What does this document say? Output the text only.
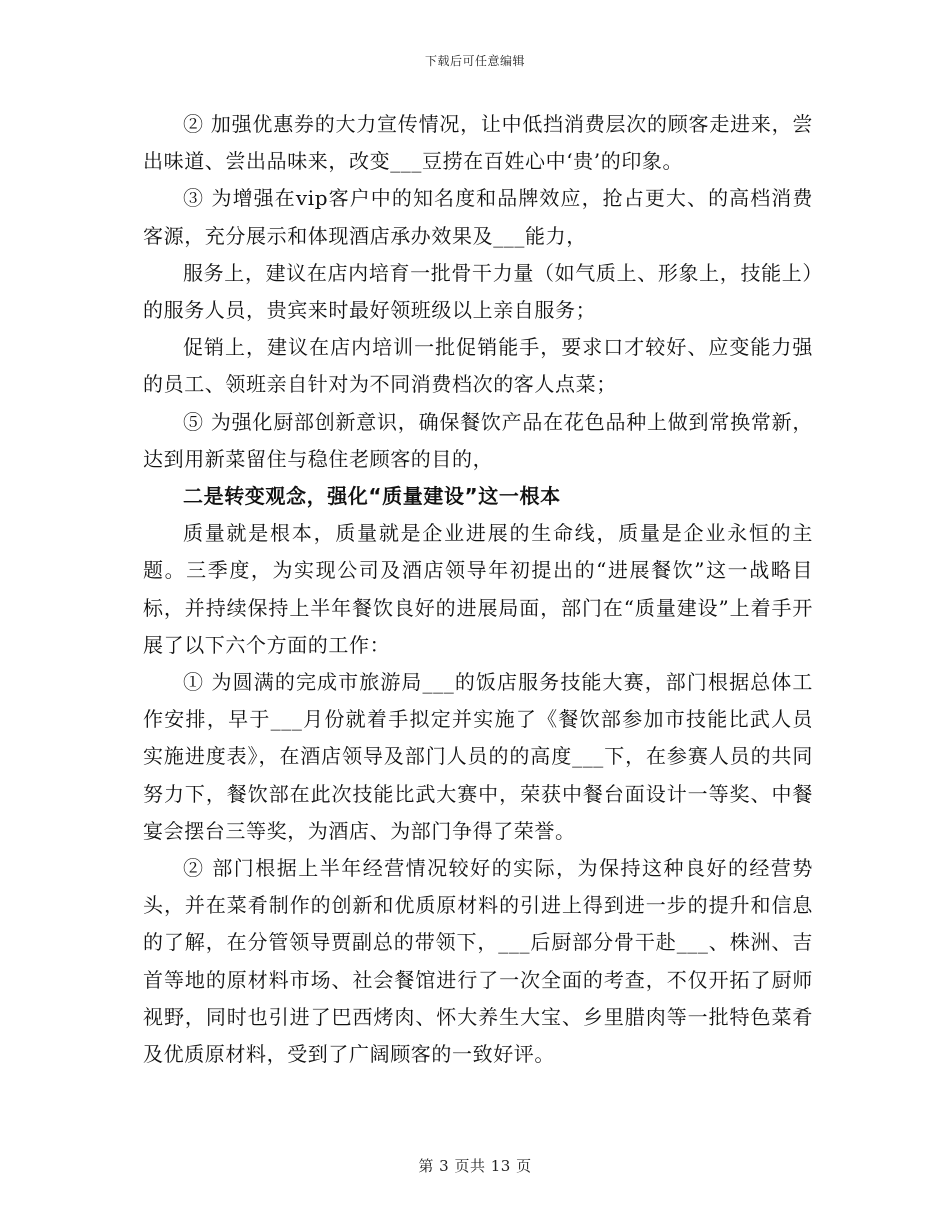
下载后可任意编辑

② 加强优惠券的大力宣传情况，让中低挡消费层次的顾客走进来，尝出味道、尝出品味来，改变___豆捞在百姓心中‘贵’的印象。

③ 为增强在vip客户中的知名度和品牌效应，抢占更大、的高档消费客源，充分展示和体现酒店承办效果及___能力，

服务上，建议在店内培育一批骨干力量（如气质上、形象上，技能上）的服务人员，贵宾来时最好领班级以上亲自服务；

促销上，建议在店内培训一批促销能手，要求口才较好、应变能力强的员工、领班亲自针对为不同消费档次的客人点菜；

⑤ 为强化厨部创新意识，确保餐饮产品在花色品种上做到常换常新，达到用新菜留住与稳住老顾客的目的，

二是转变观念，强化“质量建设”这一根本

质量就是根本，质量就是企业进展的生命线，质量是企业永恒的主题。三季度，为实现公司及酒店领导年初提出的“进展餐饮”这一战略目标，并持续保持上半年餐饮良好的进展局面，部门在“质量建设”上着手开展了以下六个方面的工作：

① 为圆满的完成市旅游局___的饭店服务技能大赛，部门根据总体工作安排，早于___月份就着手拟定并实施了《餐饮部参加市技能比武人员实施进度表》，在酒店领导及部门人员的的高度___下，在参赛人员的共同努力下，餐饮部在此次技能比武大赛中，荣获中餐台面设计一等奖、中餐宴会摆台三等奖，为酒店、为部门争得了荣誉。

② 部门根据上半年经营情况较好的实际，为保持这种良好的经营势头，并在菜肴制作的创新和优质原材料的引进上得到进一步的提升和信息的了解，在分管领导贾副总的带领下，___后厨部分骨干赴___、株洲、吉首等地的原材料市场、社会餐馆进行了一次全面的考查，不仅开拓了厨师视野，同时也引进了巴西烤肉、怀大养生大宝、乡里腊肉等一批特色菜肴及优质原材料，受到了广阔顾客的一致好评。

第 3 页共 13 页
